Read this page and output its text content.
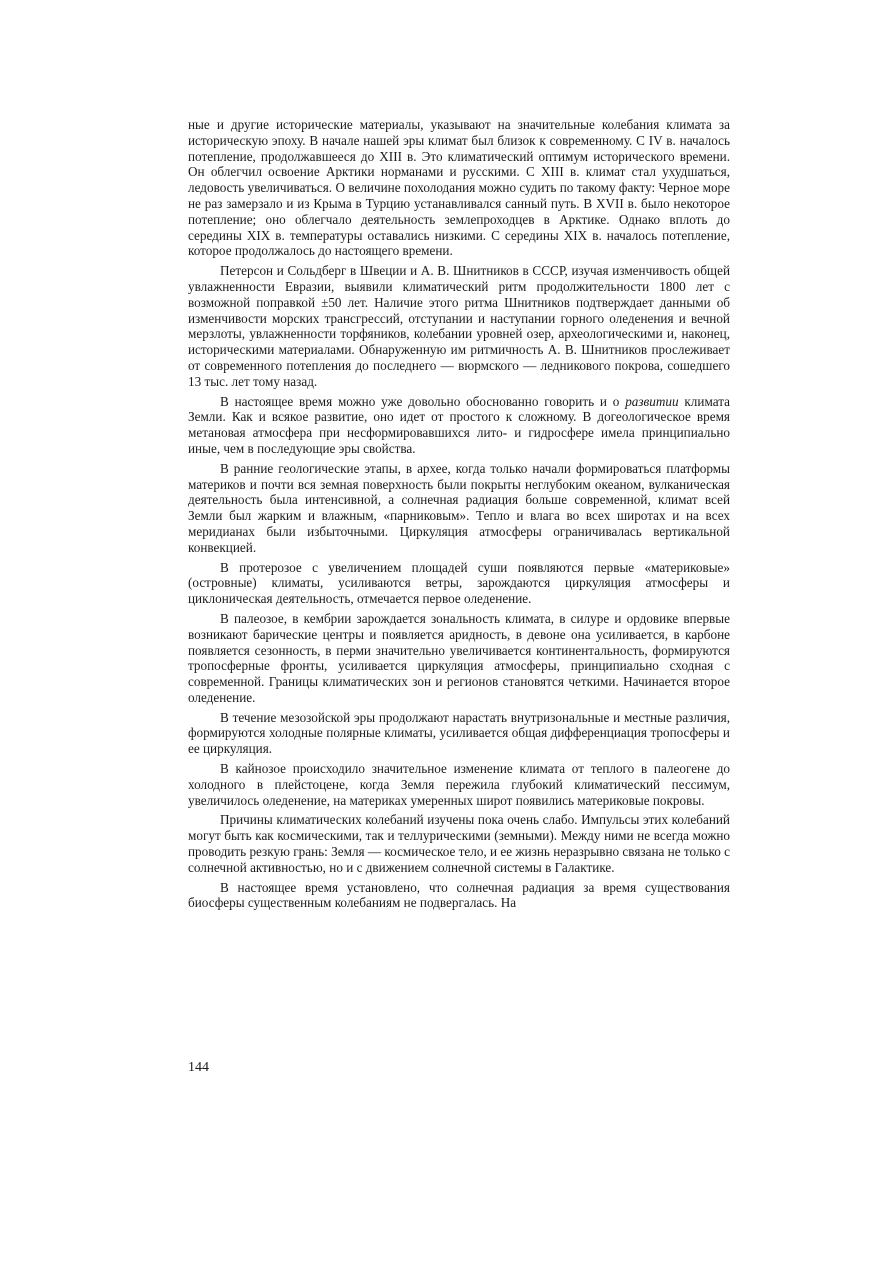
ные и другие исторические материалы, указывают на значительные колебания климата за историческую эпоху. В начале нашей эры климат был близок к современному. С IV в. началось потепление, продолжавшееся до XIII в. Это климатический оптимум исторического времени. Он облегчил освоение Арктики норманами и русскими. С XIII в. климат стал ухудшаться, ледовость увеличиваться. О величине похолодания можно судить по такому факту: Черное море не раз замерзало и из Крыма в Турцию устанавливался санный путь. В XVII в. было некоторое потепление; оно облегчало деятельность землепроходцев в Арктике. Однако вплоть до середины XIX в. температуры оставались низкими. С середины XIX в. началось потепление, которое продолжалось до настоящего времени.

Петерсон и Сольдберг в Швеции и А. В. Шнитников в СССР, изучая изменчивость общей увлажненности Евразии, выявили климатический ритм продолжительности 1800 лет с возможной поправкой ±50 лет. Наличие этого ритма Шнитников подтверждает данными об изменчивости морских трансгрессий, отступании и наступании горного оледенения и вечной мерзлоты, увлажненности торфяников, колебании уровней озер, археологическими и, наконец, историческими материалами. Обнаруженную им ритмичность А. В. Шнитников прослеживает от современного потепления до последнего — вюрмского — ледникового покрова, сошедшего 13 тыс. лет тому назад.

В настоящее время можно уже довольно обоснованно говорить и о развитии климата Земли. Как и всякое развитие, оно идет от простого к сложному. В догеологическое время метановая атмосфера при несформировавшихся лито- и гидросфере имела принципиально иные, чем в последующие эры свойства.

В ранние геологические этапы, в архее, когда только начали формироваться платформы материков и почти вся земная поверхность были покрыты неглубоким океаном, вулканическая деятельность была интенсивной, а солнечная радиация больше современной, климат всей Земли был жарким и влажным, «парниковым». Тепло и влага во всех широтах и на всех меридианах были избыточными. Циркуляция атмосферы ограничивалась вертикальной конвекцией.

В протерозое с увеличением площадей суши появляются первые «материковые» (островные) климаты, усиливаются ветры, зарождаются циркуляция атмосферы и циклоническая деятельность, отмечается первое оледенение.

В палеозое, в кембрии зарождается зональность климата, в силуре и ордовике впервые возникают барические центры и появляется аридность, в девоне она усиливается, в карбоне появляется сезонность, в перми значительно увеличивается континентальность, формируются тропосферные фронты, усиливается циркуляция атмосферы, принципиально сходная с современной. Границы климатических зон и регионов становятся четкими. Начинается второе оледенение.

В течение мезозойской эры продолжают нарастать внутризональные и местные различия, формируются холодные полярные климаты, усиливается общая дифференциация тропосферы и ее циркуляция.

В кайнозое происходило значительное изменение климата от теплого в палеогене до холодного в плейстоцене, когда Земля пережила глубокий климатический пессимум, увеличилось оледенение, на материках умеренных широт появились материковые покровы.

Причины климатических колебаний изучены пока очень слабо. Импульсы этих колебаний могут быть как космическими, так и теллурическими (земными). Между ними не всегда можно проводить резкую грань: Земля — космическое тело, и ее жизнь неразрывно связана не только с солнечной активностью, но и с движением солнечной системы в Галактике.

В настоящее время установлено, что солнечная радиация за время существования биосферы существенным колебаниям не подвергалась. На

144
